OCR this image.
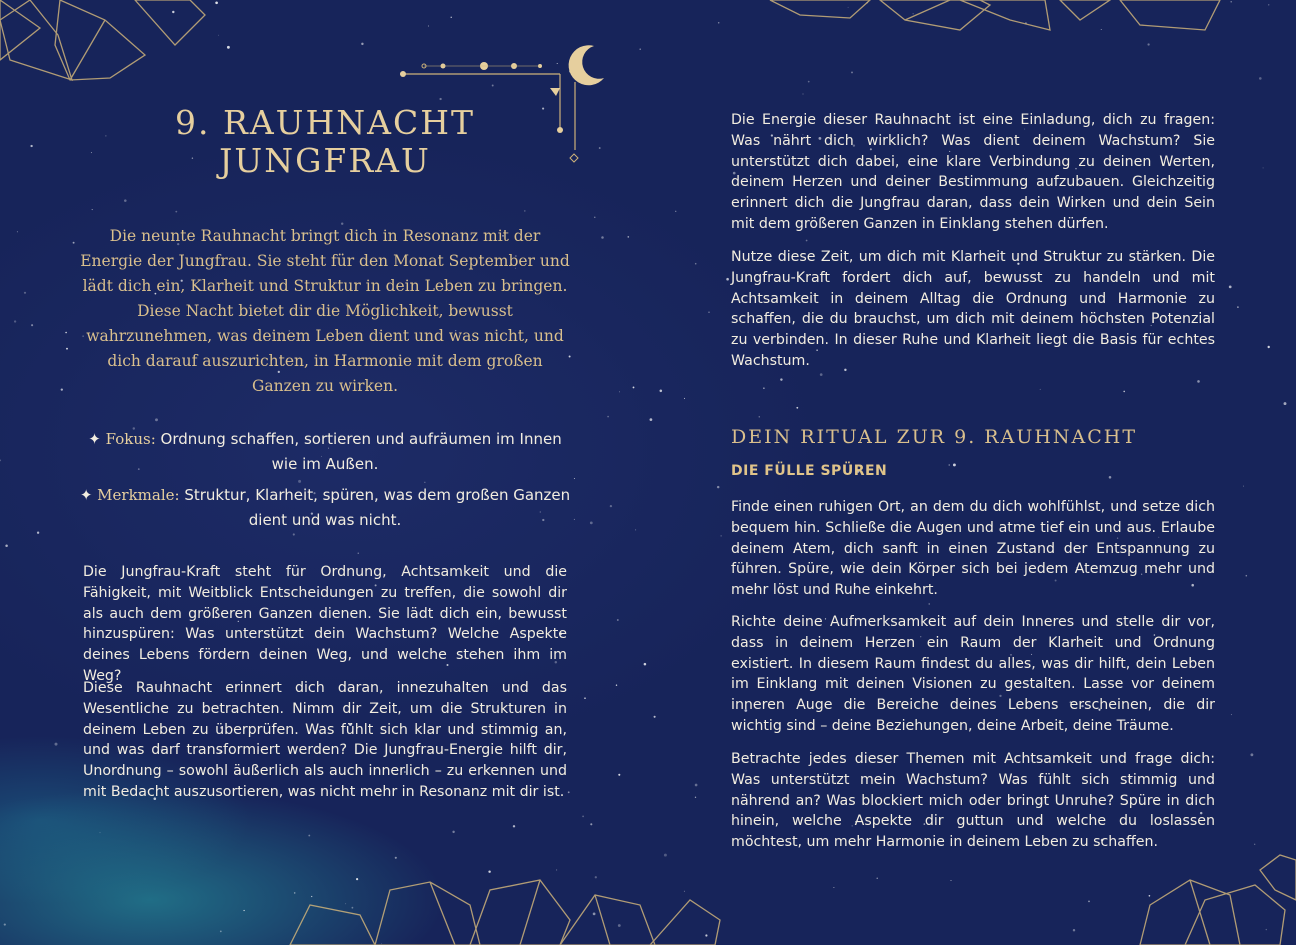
9. RAUHNACHT
JUNGFRAU

Die neunte Rauhnacht bringt dich in Resonanz mit der Energie der Jungfrau. Sie steht für den Monat September und lädt dich ein, Klarheit und Struktur in dein Leben zu bringen. Diese Nacht bietet dir die Möglichkeit, bewusst wahrzunehmen, was deinem Leben dient und was nicht, und dich darauf auszurichten, in Harmonie mit dem großen Ganzen zu wirken.

✦ Fokus: Ordnung schaffen, sortieren und aufräumen im Innen wie im Außen.

✦ Merkmale: Struktur, Klarheit, spüren, was dem großen Ganzen dient und was nicht.

Die Jungfrau-Kraft steht für Ordnung, Achtsamkeit und die Fähigkeit, mit Weitblick Entscheidungen zu treffen, die sowohl dir als auch dem größeren Ganzen dienen. Sie lädt dich ein, bewusst hinzuspüren: Was unterstützt dein Wachstum? Welche Aspekte deines Lebens fördern deinen Weg, und welche stehen ihm im Weg?

Diese Rauhnacht erinnert dich daran, innezuhalten und das Wesentliche zu betrachten. Nimm dir Zeit, um die Strukturen in deinem Leben zu überprüfen. Was fühlt sich klar und stimmig an, und was darf transformiert werden? Die Jungfrau-Energie hilft dir, Unordnung – sowohl äußerlich als auch innerlich – zu erkennen und mit Bedacht auszusortieren, was nicht mehr in Resonanz mit dir ist.

Die Energie dieser Rauhnacht ist eine Einladung, dich zu fragen: Was nährt dich wirklich? Was dient deinem Wachstum? Sie unterstützt dich dabei, eine klare Verbindung zu deinen Werten, deinem Herzen und deiner Bestimmung aufzubauen. Gleichzeitig erinnert dich die Jungfrau daran, dass dein Wirken und dein Sein mit dem größeren Ganzen in Einklang stehen dürfen.

Nutze diese Zeit, um dich mit Klarheit und Struktur zu stärken. Die Jungfrau-Kraft fordert dich auf, bewusst zu handeln und mit Achtsamkeit in deinem Alltag die Ordnung und Harmonie zu schaffen, die du brauchst, um dich mit deinem höchsten Potenzial zu verbinden. In dieser Ruhe und Klarheit liegt die Basis für echtes Wachstum.

DEIN RITUAL ZUR 9. RAUHNACHT
DIE FÜLLE SPÜREN

Finde einen ruhigen Ort, an dem du dich wohlfühlst, und setze dich bequem hin. Schließe die Augen und atme tief ein und aus. Erlaube deinem Atem, dich sanft in einen Zustand der Entspannung zu führen. Spüre, wie dein Körper sich bei jedem Atemzug mehr und mehr löst und Ruhe einkehrt.

Richte deine Aufmerksamkeit auf dein Inneres und stelle dir vor, dass in deinem Herzen ein Raum der Klarheit und Ordnung existiert. In diesem Raum findest du alles, was dir hilft, dein Leben im Einklang mit deinen Visionen zu gestalten. Lasse vor deinem inneren Auge die Bereiche deines Lebens erscheinen, die dir wichtig sind – deine Beziehungen, deine Arbeit, deine Träume.

Betrachte jedes dieser Themen mit Achtsamkeit und frage dich: Was unterstützt mein Wachstum? Was fühlt sich stimmig und nährend an? Was blockiert mich oder bringt Unruhe? Spüre in dich hinein, welche Aspekte dir guttun und welche du loslassen möchtest, um mehr Harmonie in deinem Leben zu schaffen.
